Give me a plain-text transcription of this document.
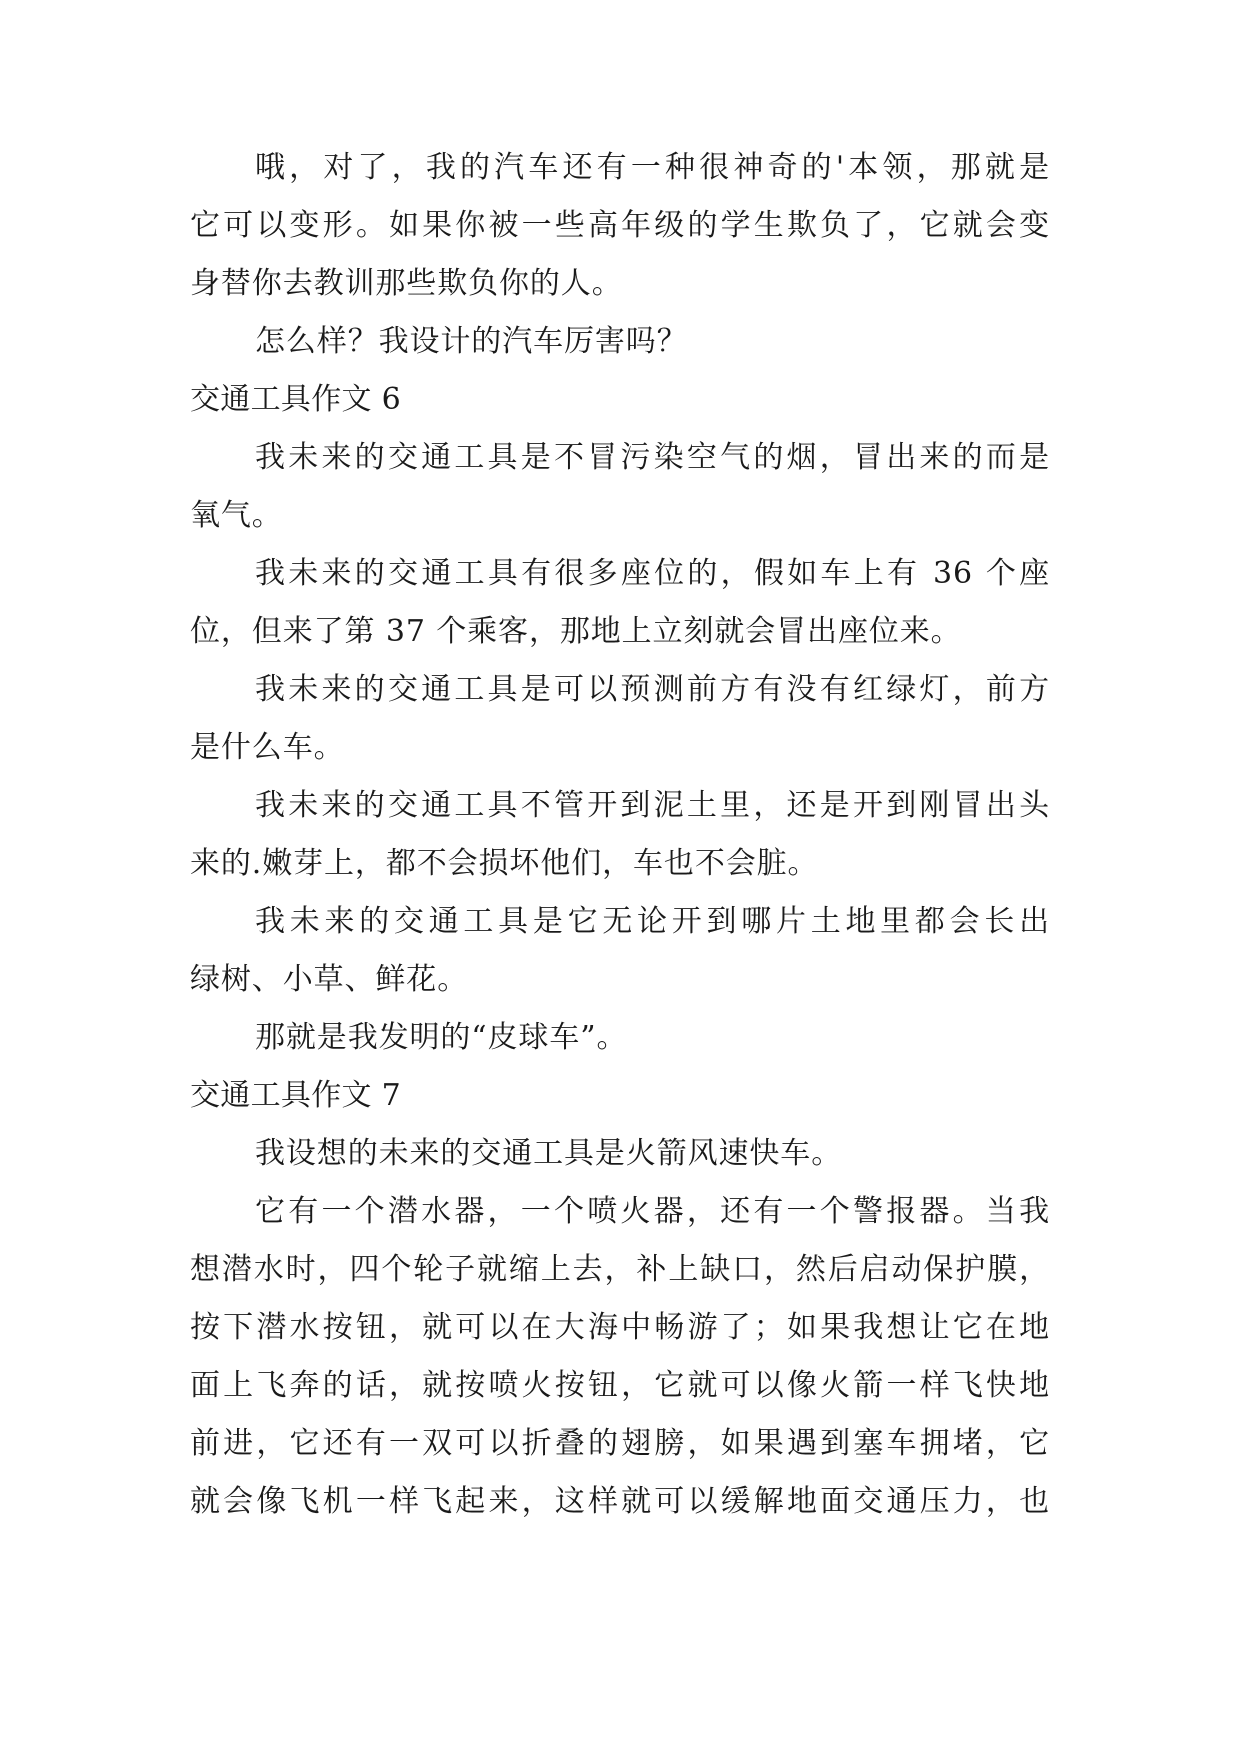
哦，对了，我的汽车还有一种很神奇的'本领，那就是
它可以变形。如果你被一些高年级的学生欺负了，它就会变
身替你去教训那些欺负你的人。
怎么样？我设计的汽车厉害吗？
交通工具作文 6
我未来的交通工具是不冒污染空气的烟，冒出来的而是
氧气。
我未来的交通工具有很多座位的，假如车上有 36 个座
位，但来了第 37 个乘客，那地上立刻就会冒出座位来。
我未来的交通工具是可以预测前方有没有红绿灯，前方
是什么车。
我未来的交通工具不管开到泥土里，还是开到刚冒出头
来的.嫩芽上，都不会损坏他们，车也不会脏。
我未来的交通工具是它无论开到哪片土地里都会长出
绿树、小草、鲜花。
那就是我发明的“皮球车”。
交通工具作文 7
我设想的未来的交通工具是火箭风速快车。
它有一个潜水器，一个喷火器，还有一个警报器。当我
想潜水时，四个轮子就缩上去，补上缺口，然后启动保护膜，
按下潜水按钮，就可以在大海中畅游了；如果我想让它在地
面上飞奔的话，就按喷火按钮，它就可以像火箭一样飞快地
前进，它还有一双可以折叠的翅膀，如果遇到塞车拥堵，它
就会像飞机一样飞起来，这样就可以缓解地面交通压力，也
